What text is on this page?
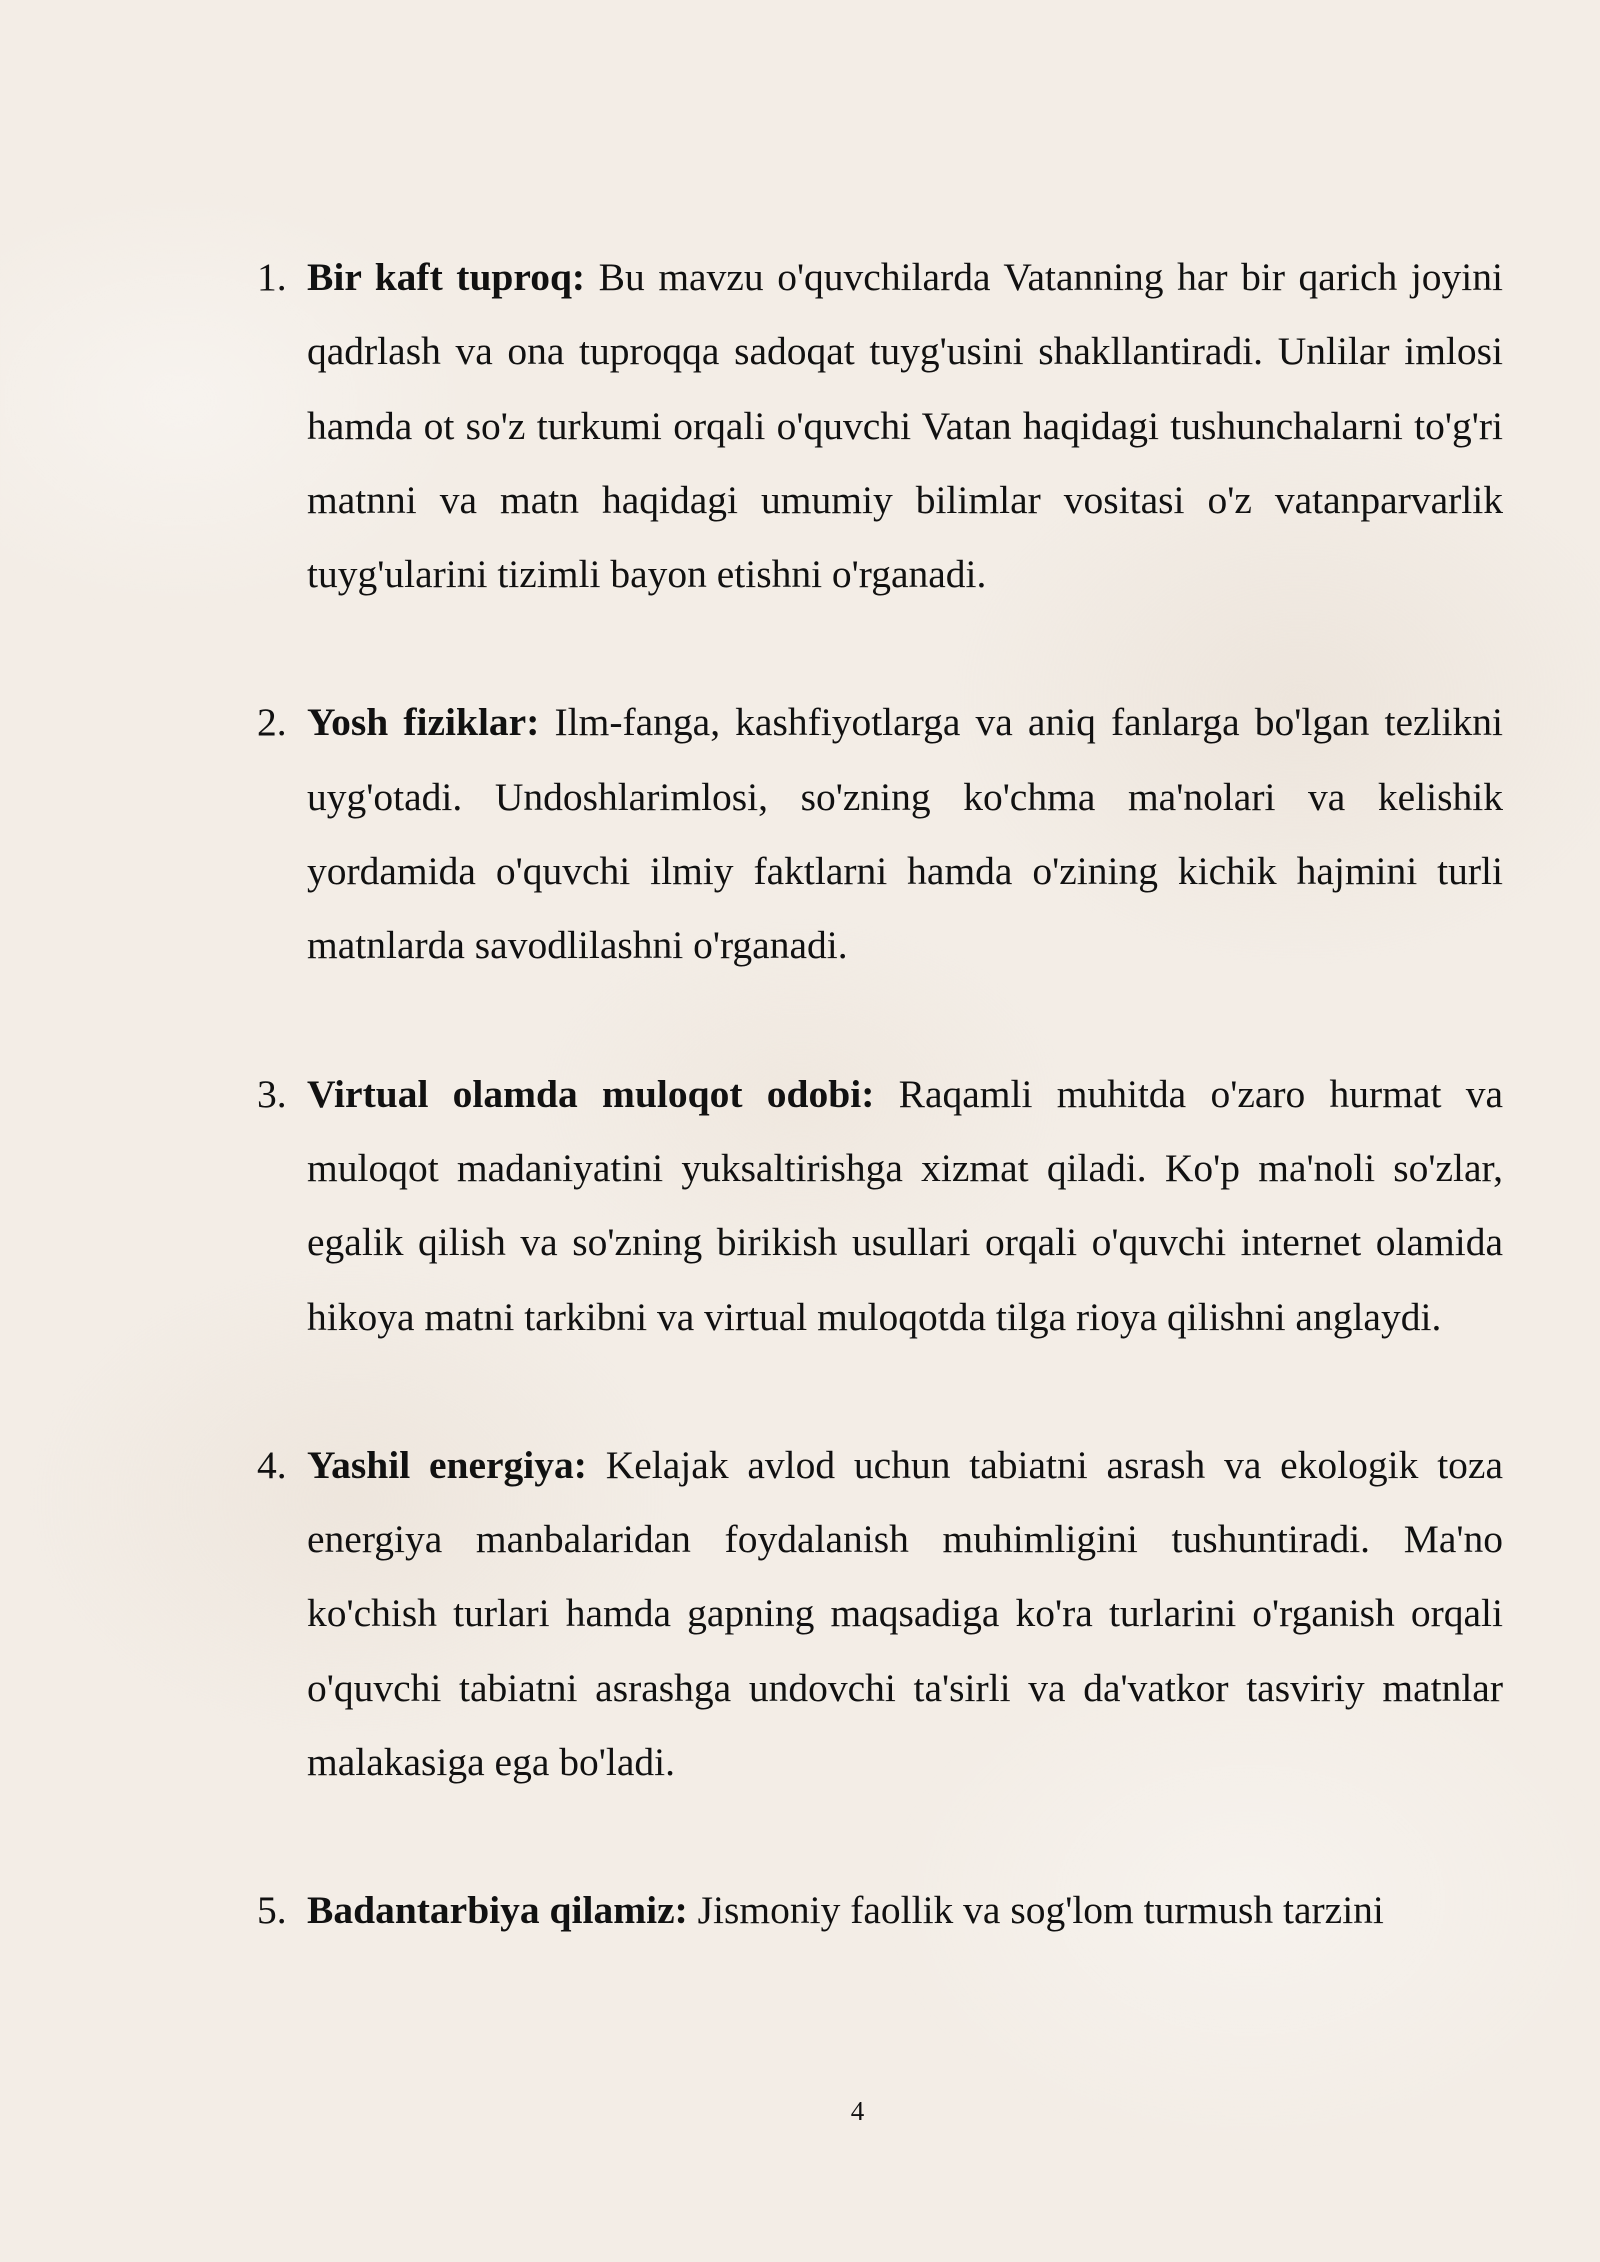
1. Bir kaft tuproq: Bu mavzu o'quvchilarda Vatanning har bir qarich joyini qadrlash va ona tuproqqa sadoqat tuyg'usini shakllantiradi. Unlilar imlosi hamda ot so'z turkumi orqali o'quvchi Vatan haqidagi tushunchalarni to'g'ri matnni va matn haqidagi umumiy bilimlar vositasi o'z vatanparvarlik tuyg'ularini tizimli bayon etishni o'rganadi.
2. Yosh fiziklar: Ilm-fanga, kashfiyotlarga va aniq fanlarga bo'lgan tezlikni uyg'otadi. Undoshlarimlosi, so'zning ko'chma ma'nolari va kelishik yordamida o'quvchi ilmiy faktlarni hamda o'zining kichik hajmini turli matnlarda savodlilashni o'rganadi.
3. Virtual olamda muloqot odobi: Raqamli muhitda o'zaro hurmat va muloqot madaniyatini yuksaltirishga xizmat qiladi. Ko'p ma'noli so'zlar, egalik qilish va so'zning birikish usullari orqali o'quvchi internet olamida hikoya matni tarkibni va virtual muloqotda tilga rioya qilishni anglaydi.
4. Yashil energiya: Kelajak avlod uchun tabiatni asrash va ekologik toza energiya manbalaridan foydalanish muhimligini tushuntiradi. Ma'no ko'chish turlari hamda gapning maqsadiga ko'ra turlarini o'rganish orqali o'quvchi tabiatni asrashga undovchi ta'sirli va da'vatkor tasviriy matnlar malakasiga ega bo'ladi.
5. Badantarbiya qilamiz: Jismoniy faollik va sog'lom turmush tarzini
4
